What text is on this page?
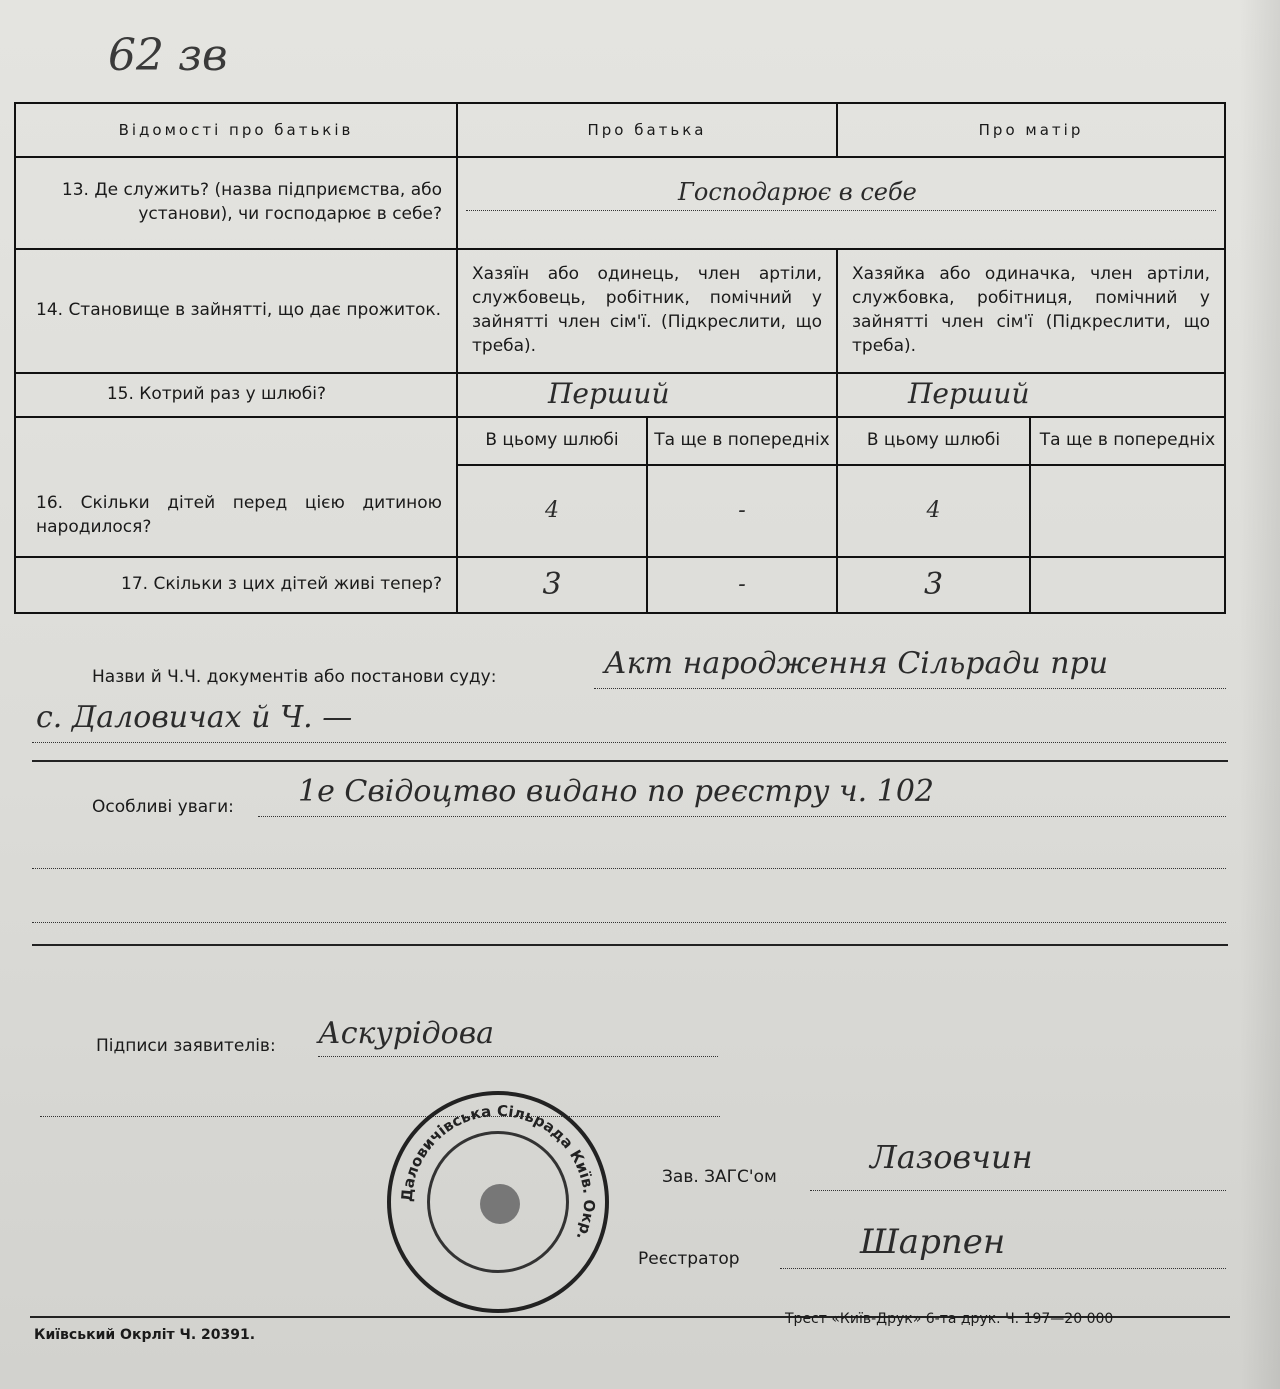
62 зв
Відомості про батьків	Про батька		Про матір	
13. Де служить? (назва підприємства, або установи), чи господарює в себе?	Господарює в себе			

14. Становище в зайнятті, що дає прожиток.	Хазяїн або одинець, член артіли, службовець, робітник, помічний у зайнятті член сім'ї. (Підкреслити, що треба).		Хазяйка або одиначка, член артіли, службовка, робітниця, помічний у зайнятті член сім'ї (Підкреслити, що треба).	
15. Котрий раз у шлюбі?	Перший		Перший	

16. Скільки дітей перед цією дитиною народилося?	В цьому шлюбі	Та ще в попередніх	В цьому шлюбі	Та ще в попередніх
	4	-	4	
17. Скільки з цих дітей живі тепер?	3	-	3	
Назви й Ч.Ч. документів або постанови суду:	Акт народження Сільради при
с. Даловичах й Ч. —
Особливі уваги: 1е Свідоцтво видано по реєстру ч. 102
Підписи заявителів: Аскурідова
Даловичівська Сільрада Київ. Окр.
Зав. ЗАГС'ом
Лазовчин
Реєстратор	Шарпен
Київський Окрліт Ч. 20391.
Трест «Київ-Друк» 6-та друк. Ч. 197—20 000
